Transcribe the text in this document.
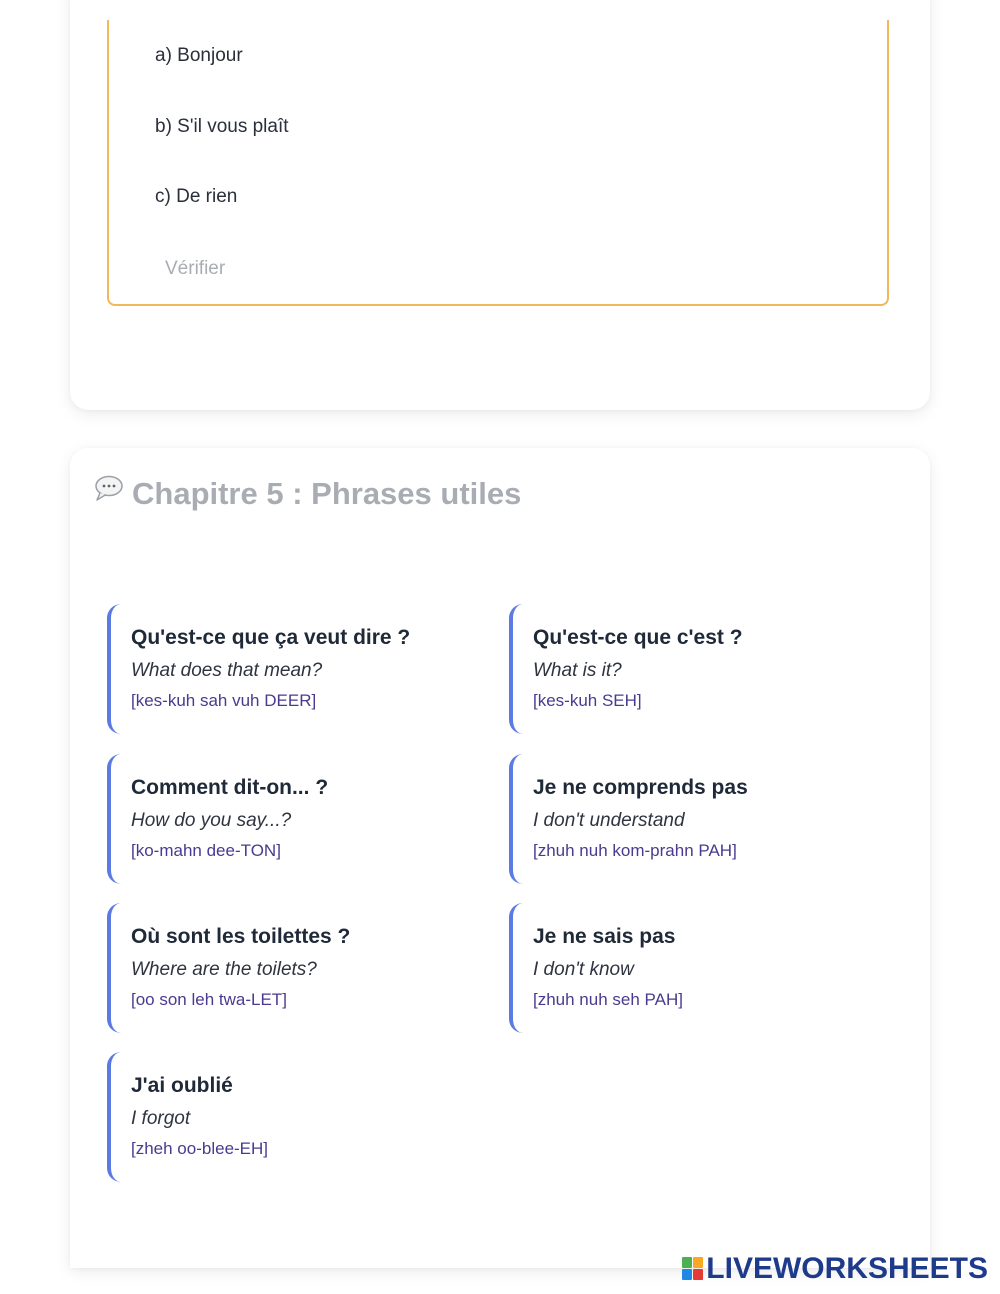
a) Bonjour
b) S'il vous plaît
c) De rien
Vérifier
Chapitre 5 : Phrases utiles
Qu'est-ce que ça veut dire ?
What does that mean?
[kes-kuh sah vuh DEER]
Qu'est-ce que c'est ?
What is it?
[kes-kuh SEH]
Comment dit-on... ?
How do you say...?
[ko-mahn dee-TON]
Je ne comprends pas
I don't understand
[zhuh nuh kom-prahn PAH]
Où sont les toilettes ?
Where are the toilets?
[oo son leh twa-LET]
Je ne sais pas
I don't know
[zhuh nuh seh PAH]
J'ai oublié
I forgot
[zheh oo-blee-EH]
LIVEWORKSHEETS
